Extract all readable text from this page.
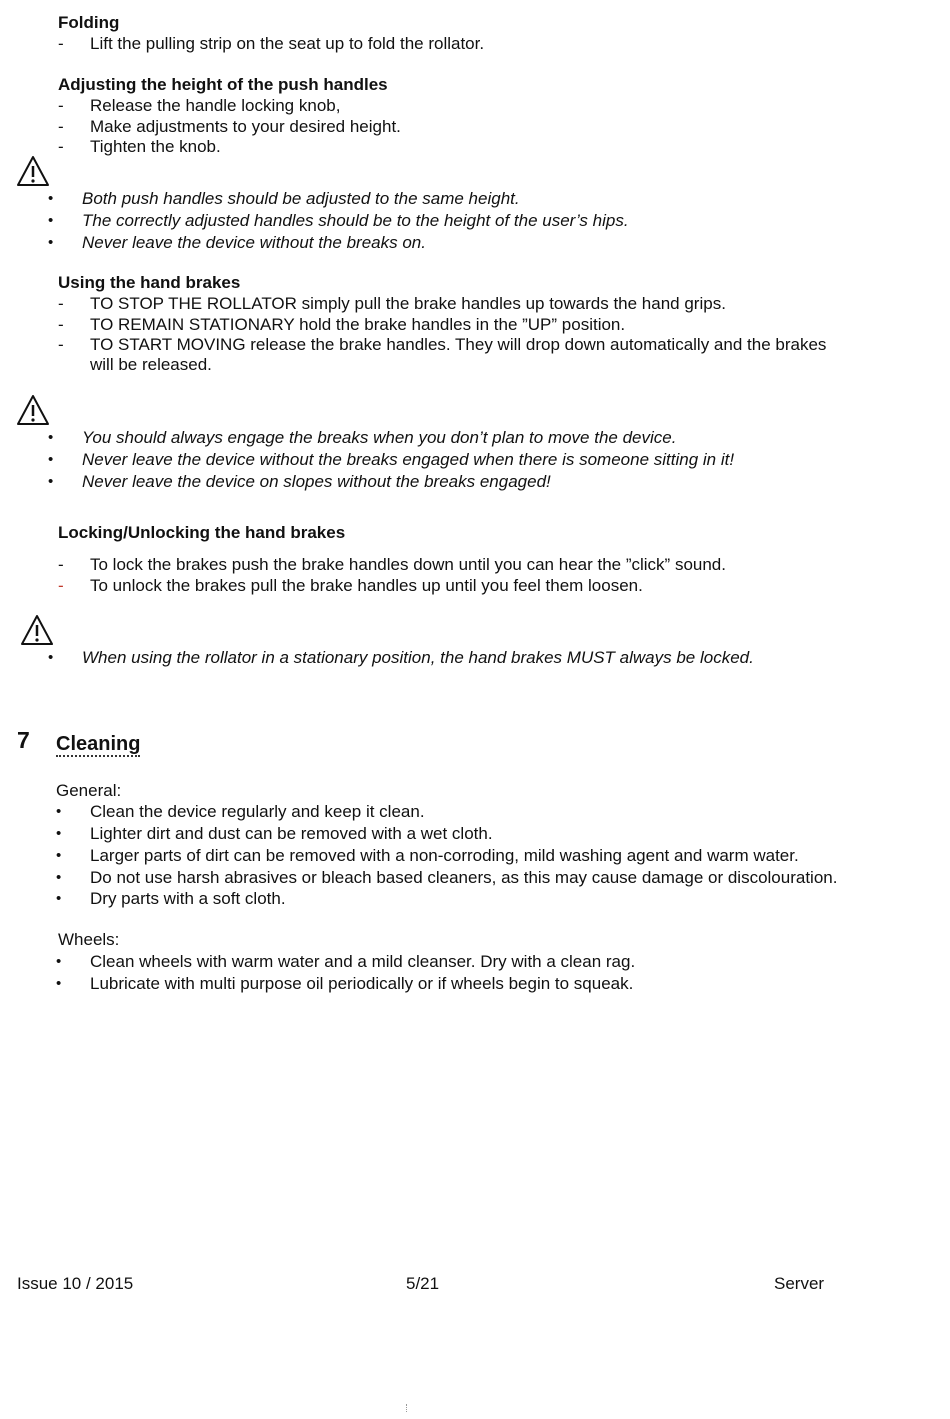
Folding
- Lift the pulling strip on the seat up to fold the rollator.
Adjusting the height of the push handles
- Release the handle locking knob,
- Make adjustments to your desired height.
- Tighten the knob.
• Both push handles should be adjusted to the same height.
• The correctly adjusted handles should be to the height of the user’s hips.
• Never leave the device without the breaks on.
Using the hand brakes
- TO STOP THE ROLLATOR simply pull the brake handles up towards the hand grips.
- TO REMAIN STATIONARY hold the brake handles in the ”UP” position.
- TO START MOVING release the brake handles. They will drop down automatically and the brakes
will be released.
• You should always engage the breaks when you don’t plan to move the device.
• Never leave the device without the breaks engaged when there is someone sitting in it!
• Never leave the device on slopes without the breaks engaged!
Locking/Unlocking the hand brakes
- To lock the brakes push the brake handles down until you can hear the ”click” sound.
- To unlock the brakes pull the brake handles up until you feel them loosen.
• When using the rollator in a stationary position, the hand brakes MUST always be locked.
7 Cleaning
General:
• Clean the device regularly and keep it clean.
• Lighter dirt and dust can be removed with a wet cloth.
• Larger parts of dirt can be removed with a non-corroding, mild washing agent and warm water.
• Do not use harsh abrasives or bleach based cleaners, as this may cause damage or discolouration.
• Dry parts with a soft cloth.
Wheels:
• Clean wheels with warm water and a mild cleanser. Dry with a clean rag.
• Lubricate with multi purpose oil periodically or if wheels begin to squeak.
Issue 10 / 2015	5/21	Server
